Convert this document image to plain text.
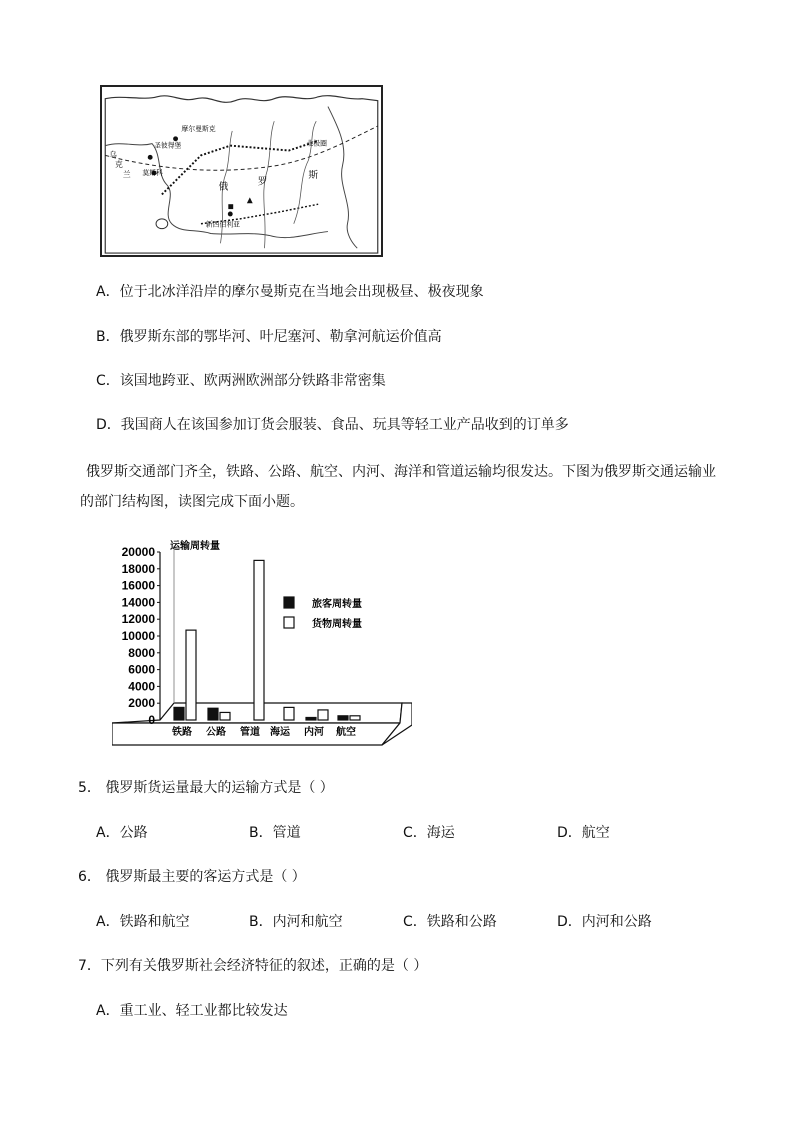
摩尔曼斯克
圣彼得堡
莫斯科
乌
克
兰
俄	罗
斯
新西伯利亚
北极圈
A．位于北冰洋沿岸的摩尔曼斯克在当地会出现极昼、极夜现象
B．俄罗斯东部的鄂毕河、叶尼塞河、勒拿河航运价值高
C．该国地跨亚、欧两洲欧洲部分铁路非常密集
D．我国商人在该国参加订货会服装、食品、玩具等轻工业产品收到的订单多
俄罗斯交通部门齐全，铁路、公路、航空、内河、海洋和管道运输均很发达。下图为俄罗斯交通运输业的部门结构图，读图完成下面小题。
20000
18000
16000
14000
12000
10000
8000
6000
4000
2000
0
运输周转量
铁路 公路 管道 海运 内河 航空
旅客周转量
货物周转量
5． 俄罗斯货运量最大的运输方式是（ ）
A．公路	B．管道	C．海运	D．航空
6． 俄罗斯最主要的客运方式是（ ）
A．铁路和航空	B．内河和航空	C．铁路和公路	D．内河和公路
7．下列有关俄罗斯社会经济特征的叙述，正确的是（ ）
A．重工业、轻工业都比较发达
